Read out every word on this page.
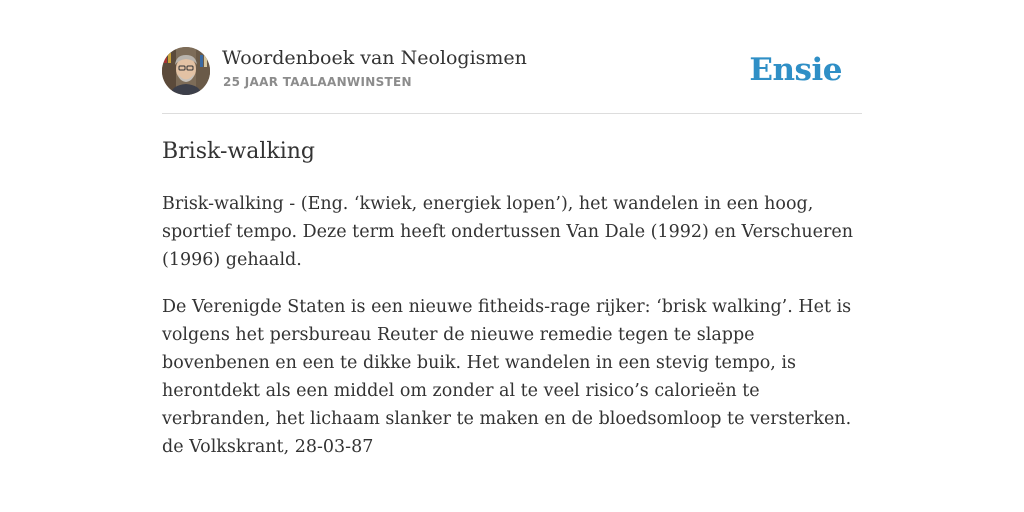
Woordenboek van Neologismen
25 JAAR TAALAANWINSTEN	Ensie
Brisk-walking

Brisk-walking - (Eng. ‘kwiek, energiek lopen’), het wandelen in een hoog, sportief tempo. Deze term heeft ondertussen Van Dale (1992) en Verschueren (1996) gehaald.

De Verenigde Staten is een nieuwe fitheids-rage rijker: ‘brisk walking’. Het is volgens het persbureau Reuter de nieuwe remedie tegen te slappe bovenbenen en een te dikke buik. Het wandelen in een stevig tempo, is herontdekt als een middel om zonder al te veel risico’s calorieën te verbranden, het lichaam slanker te maken en de bloedsomloop te versterken. de Volkskrant, 28-03-87
